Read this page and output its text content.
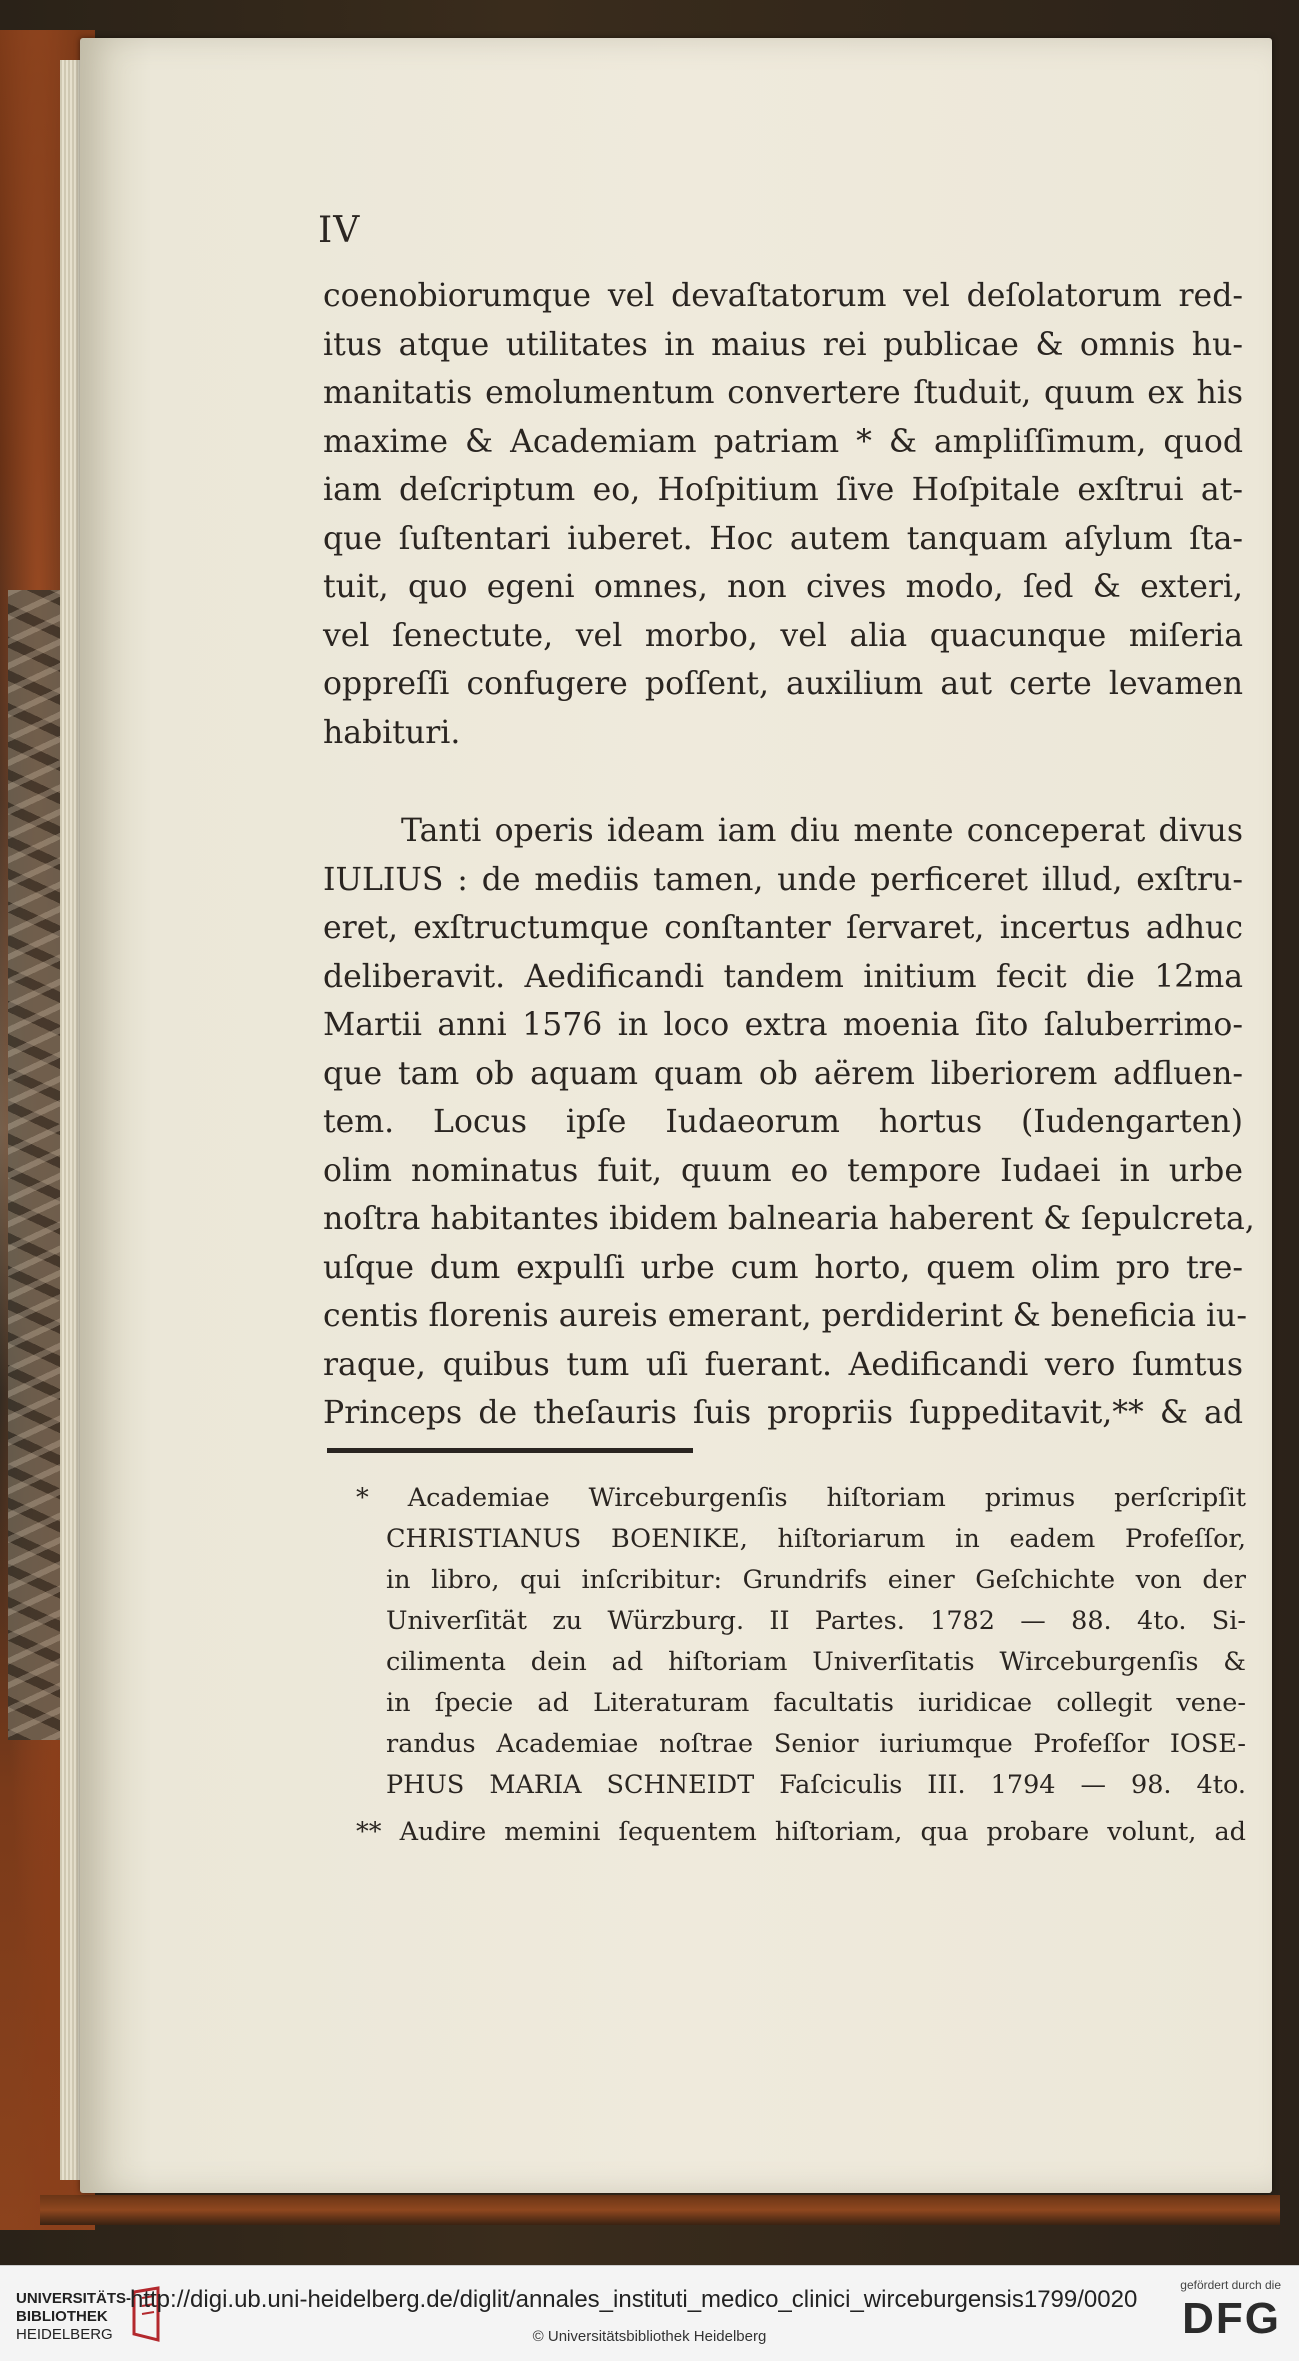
IV
coenobiorumque vel devaſtatorum vel deſolatorum red-
itus atque utilitates in maius rei publicae & omnis hu-
manitatis emolumentum convertere ſtuduit, quum ex his
maxime & Academiam patriam * & ampliſſimum, quod
iam deſcriptum eo, Hoſpitium ſive Hoſpitale exſtrui at-
que ſuſtentari iuberet. Hoc autem tanquam aſylum ſta-
tuit, quo egeni omnes, non cives modo, ſed & exteri,
vel ſenectute, vel morbo, vel alia quacunque miſeria
oppreſſi confugere poſſent, auxilium aut certe levamen
habituri.
Tanti operis ideam iam diu mente conceperat divus
IULIUS : de mediis tamen, unde perficeret illud, exſtru-
eret, exſtructumque conſtanter ſervaret, incertus adhuc
deliberavit. Aedificandi tandem initium fecit die 12ma
Martii anni 1576 in loco extra moenia ſito ſaluberrimo-
que tam ob aquam quam ob aërem liberiorem adfluen-
tem. Locus ipſe Iudaeorum hortus (Iudengarten)
olim nominatus fuit, quum eo tempore Iudaei in urbe
noſtra habitantes ibidem balnearia haberent & ſepulcreta,
uſque dum expulſi urbe cum horto, quem olim pro tre-
centis florenis aureis emerant, perdiderint & beneficia iu-
raque, quibus tum uſi fuerant. Aedificandi vero ſumtus
Princeps de theſauris ſuis propriis ſuppeditavit,** & ad
* Academiae Wirceburgenſis hiſtoriam primus perſcripſit
CHRISTIANUS BOENIKE, hiſtoriarum in eadem Profeſſor,
in libro, qui inſcribitur: Grundrifs einer Geſchichte von der
Univerſität zu Würzburg. II Partes. 1782 — 88. 4to. Si-
cilimenta dein ad hiſtoriam Univerſitatis Wirceburgenſis &
in ſpecie ad Literaturam facultatis iuridicae collegit vene-
randus Academiae noſtrae Senior iuriumque Profeſſor IOSE-
PHUS MARIA SCHNEIDT Faſciculis III. 1794 — 98. 4to.
** Audire memini ſequentem hiſtoriam, qua probare volunt, ad
UNIVERSITÄTS-
BIBLIOTHEK
HEIDELBERG
http://digi.ub.uni-heidelberg.de/diglit/annales_instituti_medico_clinici_wirceburgensis1799/0020
© Universitätsbibliothek Heidelberg
gefördert durch die
DFG
